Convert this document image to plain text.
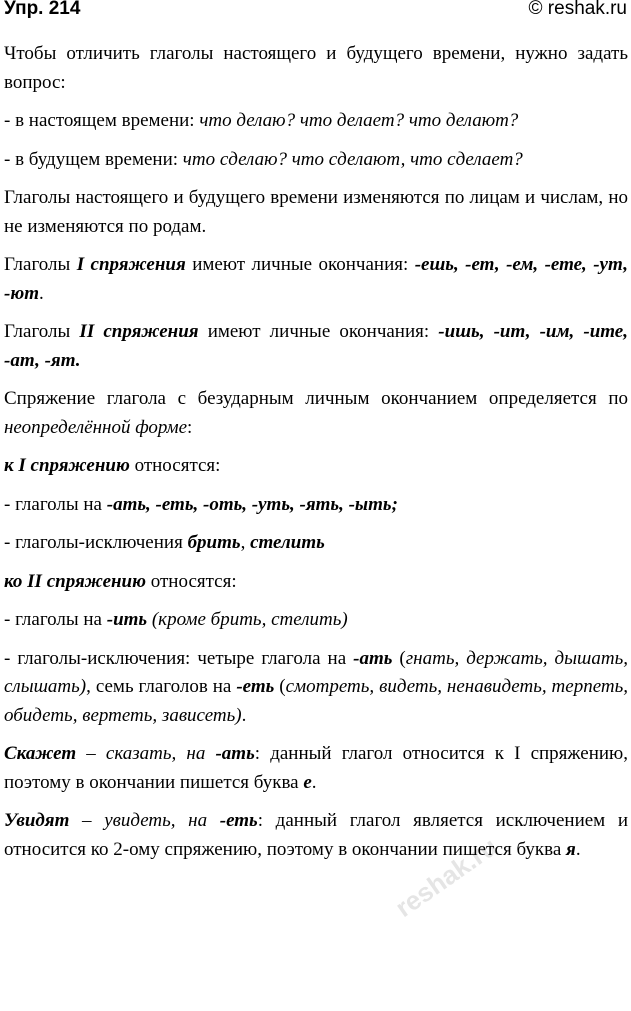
Упр. 214	© reshak.ru
reshak.ru

Чтобы отличить глаголы настоящего и будущего времени, нужно задать вопрос:

- в настоящем времени: что делаю? что делает? что делают?

- в будущем времени: что сделаю? что сделают, что сделает?

Глаголы настоящего и будущего времени изменяются по лицам и числам, но не изменяются по родам.

Глаголы I спряжения имеют личные окончания: -ешь, -ет, -ем, -ете, -ут, -ют.

Глаголы II спряжения имеют личные окончания: -ишь, -ит, -им, -ите, -ат, -ят.

Спряжение глагола с безударным личным окончанием определяется по неопределённой форме:

к I спряжению относятся:

- глаголы на -ать, -еть, -оть, -уть, -ять, -ыть;

- глаголы-исключения брить, стелить

ко II спряжению относятся:

- глаголы на -ить (кроме брить, стелить)

- глаголы-исключения: четыре глагола на -ать (гнать, держать, дышать, слышать), семь глаголов на -еть (смотреть, видеть, ненавидеть, терпеть, обидеть, вертеть, зависеть).

Скажет – сказать, на -ать: данный глагол относится к I спряжению, поэтому в окончании пишется буква е.

Увидят – увидеть, на -еть: данный глагол является исключением и относится ко 2-ому спряжению, поэтому в окончании пишется буква я.
